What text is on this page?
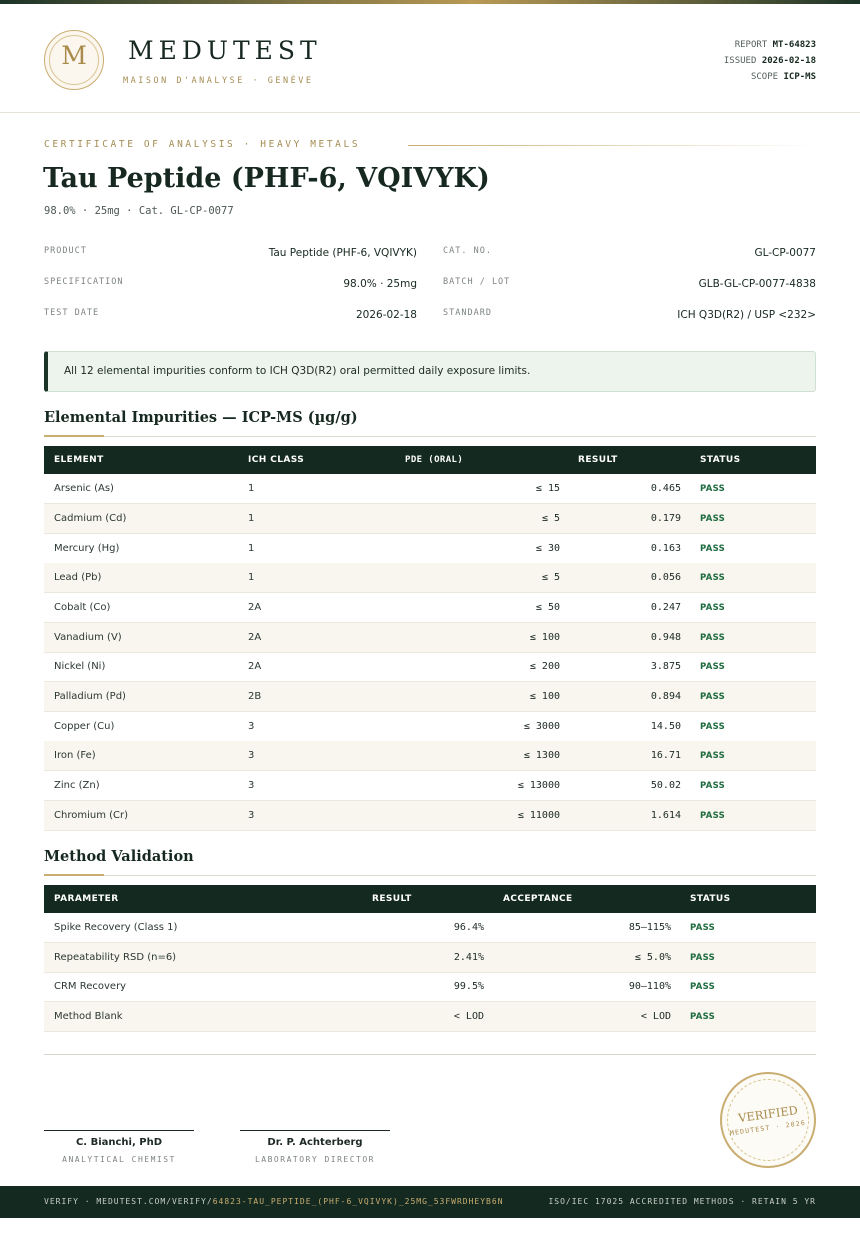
M	MEDUTEST
MAISON D'ANALYSE · GENÈVE
REPORT MT-64823
ISSUED 2026-02-18
SCOPE ICP-MS
CERTIFICATE OF ANALYSIS · HEAVY METALS
Tau Peptide (PHF-6, VQIVYK)
98.0% · 25mg · Cat. GL-CP-0077
PRODUCT	Tau Peptide (PHF-6, VQIVYK)
SPECIFICATION	98.0% · 25mg
TEST DATE	2026-02-18
CAT. NO.	GL-CP-0077
BATCH / LOT	GLB-GL-CP-0077-4838
STANDARD	ICH Q3D(R2) / USP <232>
All 12 elemental impurities conform to ICH Q3D(R2) oral permitted daily exposure limits.
Elemental Impurities — ICP-MS (µg/g)
ELEMENT	ICH CLASS	PDE (ORAL)	RESULT	STATUS
Arsenic (As)	1	≤ 15	0.465 PASS
Cadmium (Cd)	1	≤ 5	0.179 PASS
Mercury (Hg)	1	≤ 30	0.163 PASS
Lead (Pb)	1	≤ 5	0.056 PASS
Cobalt (Co)	2A	≤ 50	0.247 PASS
Vanadium (V)	2A	≤ 100	0.948 PASS
Nickel (Ni)	2A	≤ 200	3.875 PASS
Palladium (Pd)	2B	≤ 100	0.894 PASS
Copper (Cu)	3	≤ 3000	14.50 PASS
Iron (Fe)	3	≤ 1300	16.71 PASS
Zinc (Zn)	3	≤ 13000	50.02 PASS
Chromium (Cr)	3	≤ 11000	1.614 PASS
Method Validation
PARAMETER	RESULT	ACCEPTANCE	STATUS
Spike Recovery (Class 1)	96.4%	85–115% PASS
Repeatability RSD (n=6)	2.41%	≤ 5.0% PASS
CRM Recovery	99.5%	90–110% PASS
Method Blank	< LOD	< LOD PASS
C. Bianchi, PhD
ANALYTICAL CHEMIST
Dr. P. Achterberg
LABORATORY DIRECTOR
VERIFIED
MEDUTEST · 2026
VERIFY · MEDUTEST.COM/VERIFY/64823-TAU_PEPTIDE_(PHF-6_VQIVYK)_25MG_53FWRDHEYB6N	ISO/IEC 17025 ACCREDITED METHODS · RETAIN 5 YR
